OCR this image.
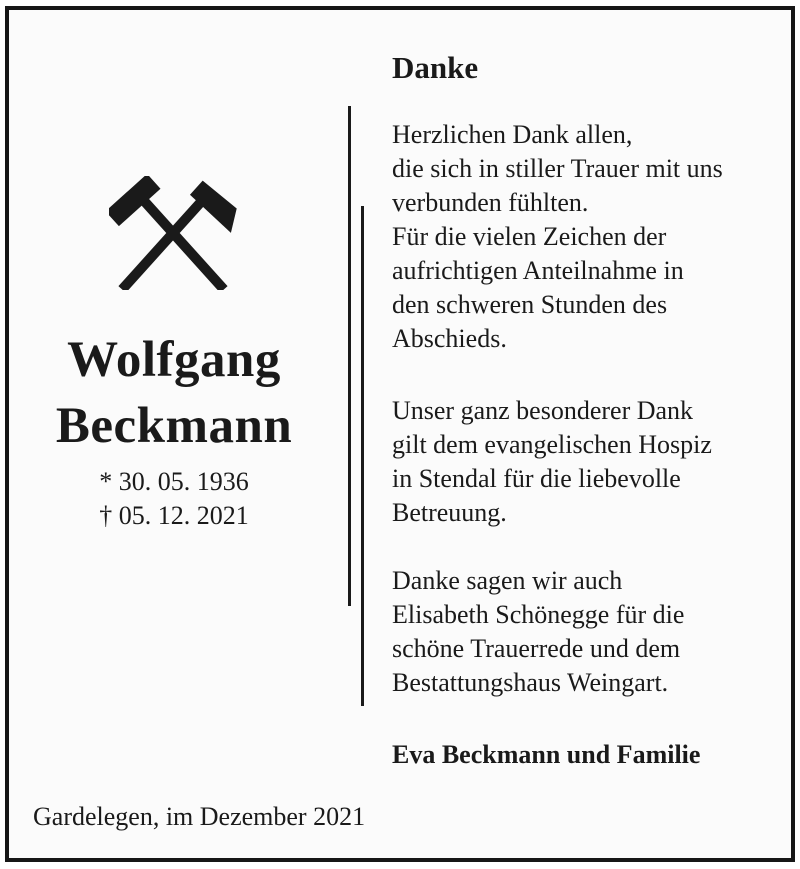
Wolfgang
Beckmann
* 30. 05. 1936
† 05. 12. 2021
Danke
Herzlichen Dank allen,
die sich in stiller Trauer mit uns
verbunden fühlten.
Für die vielen Zeichen der
aufrichtigen Anteilnahme in
den schweren Stunden des
Abschieds.
Unser ganz besonderer Dank
gilt dem evangelischen Hospiz
in Stendal für die liebevolle
Betreuung.
Danke sagen wir auch
Elisabeth Schönegge für die
schöne Trauerrede und dem
Bestattungshaus Weingart.
Eva Beckmann und Familie
Gardelegen, im Dezember 2021
